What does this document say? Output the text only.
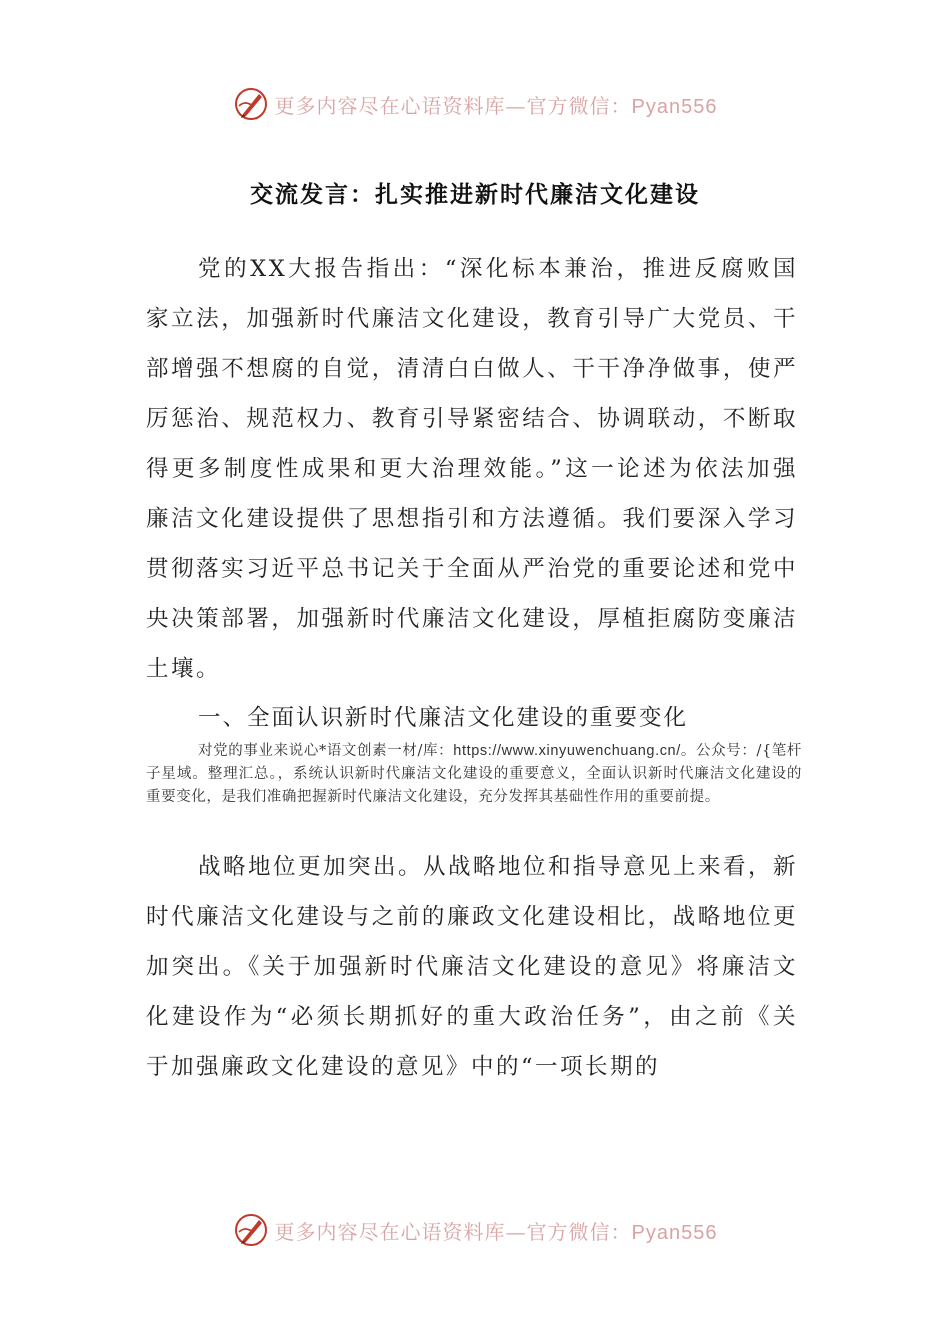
更多内容尽在心语资料库—官方微信：Pyan556
交流发言：扎实推进新时代廉洁文化建设

党的XX大报告指出：“深化标本兼治，推进反腐败国家立法，加强新时代廉洁文化建设，教育引导广大党员、干部增强不想腐的自觉，清清白白做人、干干净净做事，使严厉惩治、规范权力、教育引导紧密结合、协调联动，不断取得更多制度性成果和更大治理效能。”这一论述为依法加强廉洁文化建设提供了思想指引和方法遵循。我们要深入学习贯彻落实习近平总书记关于全面从严治党的重要论述和党中央决策部署，加强新时代廉洁文化建设，厚植拒腐防变廉洁土壤。

一、全面认识新时代廉洁文化建设的重要变化

对党的事业来说心*语文创素一材/库：https://www.xinyuwenchuang.cn/。公众号：/{笔杆子星域。整理汇总。，系统认识新时代廉洁文化建设的重要意义，全面认识新时代廉洁文化建设的重要变化，是我们准确把握新时代廉洁文化建设，充分发挥其基础性作用的重要前提。

战略地位更加突出。从战略地位和指导意见上来看，新时代廉洁文化建设与之前的廉政文化建设相比，战略地位更加突出。《关于加强新时代廉洁文化建设的意见》将廉洁文化建设作为“必须长期抓好的重大政治任务”，由之前《关于加强廉政文化建设的意见》中的“一项长期的

更多内容尽在心语资料库—官方微信：Pyan556
